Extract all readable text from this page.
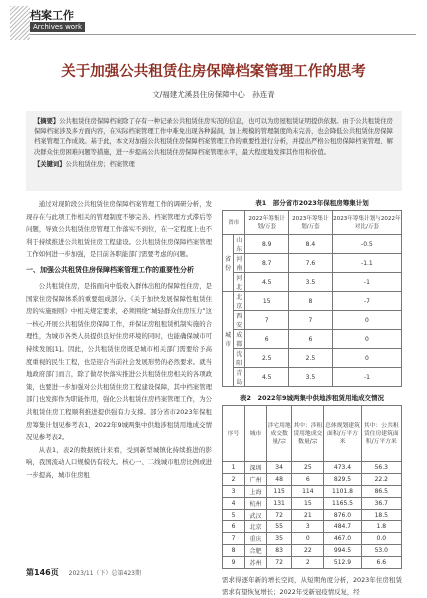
档案工作
Archives work
关于加强公共租赁住房保障档案管理工作的思考
文/福建尤溪县住房保障中心　孙连青
【摘要】公共租赁住房保障档案除了存有一种记录公共租赁住房实况的信息，也可以为房屋租赁证明提供依据。由于公共租赁住房保障档案涉及多方面内容，在实际档案管理工作中难免出现各种漏洞，加上规模的管理制度尚未完善，也会降低公共租赁住房保障档案管理工作成效。基于此，本文对加强公共租赁住房保障档案管理工作的重要性进行分析，并提出严格公租房保障档案管理、解决群众住房困难问题等措施，进一步提高公共租赁住房保障档案管理水平，最大程度地发挥其作用和价值。
【关键词】公共租赁住房；档案管理

通过对现阶段公共租赁住房保障档案管理工作的调研分析，发现存在与此项工作相关的管理制度不够完善、档案管理方式滞后等问题，导致公共租赁住房管理工作落实不到位，在一定程度上也不利于持续推进公共租赁住房工程建设。公共租赁住房保障档案管理工作如何进一步加强，是目前各职能部门需要考虑的问题。

一、加强公共租赁住房保障档案管理工作的重要性分析

公共租赁住房，是指面向中低收入群体出租的保障性住房，是国家住房保障体系的重要组成部分。《关于加快发展保障性租赁住房的实施细则》中相关规定要求，必须围绕“城轻群众住房压力”这一核心开展公共租赁住房保障工作，并保证房租租赁机制实施的合理性，为城市各类人员提供良好住房环境的同时，也能确保城市可持续发展[1]。因此，公共租赁住房既是城市相关部门需要给予高度重视的民生工程，也是迎合当前社会发展形势的必然要求。就当地政府部门而言，除了做尽快落实推进公共租赁住房相关的各项政策，也要进一步加强对公共租赁住房工程建设保障，其中档案管理部门也发挥作为职能作用，强化公共租赁住房档案管理工作，为公共租赁住房工程顺利推进提供强有力支撑。部分省市2023年保租房筹集计划见参考表1，2022年9城两集中供地涉租赁用地成交情况见参考表2。

从表1、表2的数据统计来看，受到新型城镇化持续推进的影响，我国流动人口规模仍有较大。核心一、二线城市租房比例或进一步提高，城市住房租

表1　部分省市2023年保租房筹集计划
省市		2022年筹集计划/万套	2023年筹集计划/万套	2023年筹集计划与2022年对比/万套
省份	山东	8.9	8.4	-0.5
	河南	8.7	7.6	-1.1
	河北	4.5	3.5	-1
城市	北京	15	8	-7
	西安	7	7	0
	成都	6	6	0
	沈阳	2.5	2.5	0
	青岛	4.5	3.5	-1
表2　2022年9城两集中供地涉租赁用地成交情况
序号	城市	涉宅用地成交数量/宗	其中：涉租赁用地成交数量/宗	总体规划建筑面积/万平方米	其中：公共租赁住房建筑面积/万平方米
1	深圳	34	25	473.4	56.3
2	广州	48	6	829.5	22.2
3	上海	115	114	1101.8	86.5
4	杭州	131	15	1165.5	36.7
5	武汉	72	21	876.0	18.5
6	北京	55	3	484.7	1.8
7	重庆	35	0	467.0	0.0
8	合肥	83	22	994.5	53.0
9	苏州	72	2	512.9	6.6
需求得逐年新的增长空间，从短期角度分析，2023年住房租赁需求有望恢复增长；2022年受新冠疫情反复，经
第146页 2023/11（下）总第423期
